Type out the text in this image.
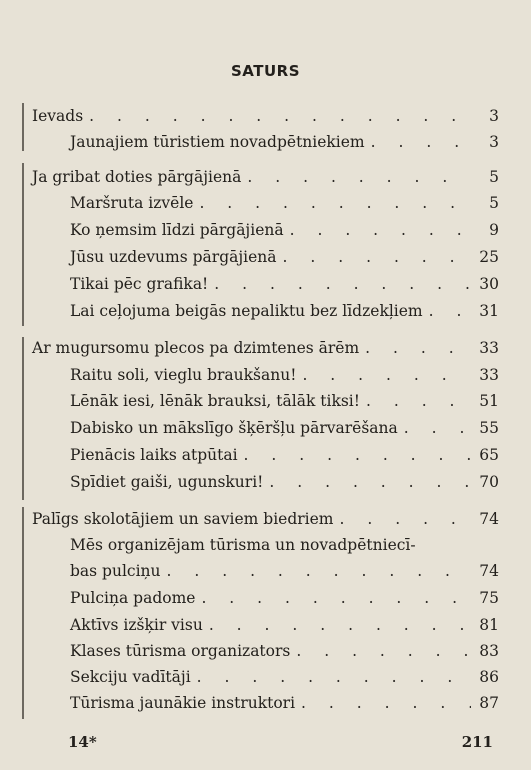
SATURS
Ievads . . .	3
Jaunajiem tūristiem novadpētniekiem . . .	3
Ja gribat doties pārgājienā . . .	5
Maršruta izvēle . . .	5
Ko ņemsim līdzi pārgājienā . . .	9
Jūsu uzdevums pārgājienā . . .	25
Tikai pēc grafika! . . .	30
Lai ceļojuma beigās nepaliktu bez līdzekļiem . . .	31
Ar mugursomu plecos pa dzimtenes ārēm . . .	33
Raitu soli, vieglu braukšanu! . . .	33
Lēnāk iesi, lēnāk brauksi, tālāk tiksi! . . .	51
Dabisko un mākslīgo šķēršļu pārvarēšana . . .	55
Pienācis laiks atpūtai . . .	65
Spīdiet gaiši, ugunskuri! . . .	70
Palīgs skolotājiem un saviem biedriem . . .	74
Mēs organizējam tūrisma un novadpētniecī-
bas pulciņu . . .	74
Pulciņa padome . . .	75
Aktīvs izšķir visu . . .	81
Klases tūrisma organizators . . .	83
Sekciju vadītāji . . .	86
Tūrisma jaunākie instruktori . . .	87
14*	211
